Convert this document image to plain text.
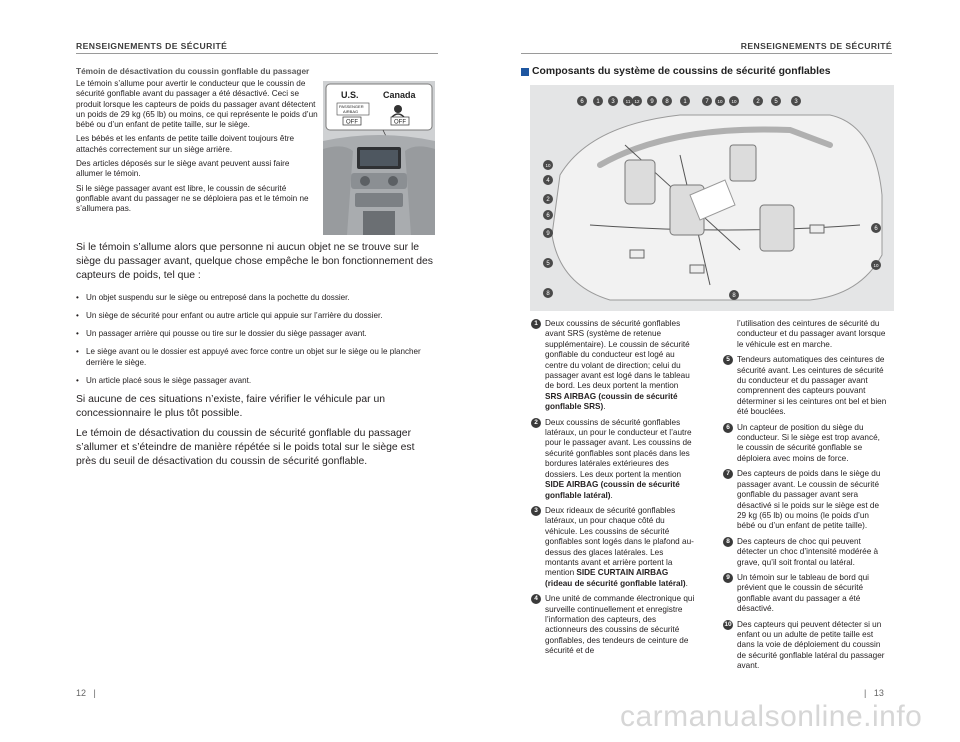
RENSEIGNEMENTS DE SÉCURITÉ	RENSEIGNEMENTS DE SÉCURITÉ
Témoin de désactivation du coussin gonflable du passager

Le témoin s’allume pour avertir le conducteur que le coussin de sécurité gonflable avant du passager a été désactivé. Ceci se produit lorsque les capteurs de poids du passager avant détectent un poids de 29 kg (65 lb) ou moins, ce qui représente le poids d’un bébé ou d’un enfant de petite taille, sur le siège.

Les bébés et les enfants de petite taille doivent toujours être attachés correctement sur un siège arrière.

Des articles déposés sur le siège avant peuvent aussi faire allumer le témoin.

Si le siège passager avant est libre, le coussin de sécurité gonflable avant du passager ne se déploiera pas et le témoin ne s’allumera pas.

U.S.	Canada
PASSENGER
AIRBAG
OFF	OFF

Si le témoin s’allume alors que personne ni aucun objet ne se trouve sur le siège du passager avant, quelque chose empêche le bon fonctionnement des capteurs de poids, tel que :

• Un objet suspendu sur le siège ou entreposé dans la pochette du dossier.
• Un siège de sécurité pour enfant ou autre article qui appuie sur l’arrière du dossier.
• Un passager arrière qui pousse ou tire sur le dossier du siège passager avant.
• Le siège avant ou le dossier est appuyé avec force contre un objet sur le siège ou le plancher derrière le siège.
• Un article placé sous le siège passager avant.

Si aucune de ces situations n’existe, faire vérifier le véhicule par un concessionnaire le plus tôt possible.

Le témoin de désactivation du coussin de sécurité gonflable du passager s’allumer et s’éteindre de manière répétée si le poids total sur le siège est près du seuil de désactivation du coussin de sécurité gonflable.

12   |
Composants du système de coussins de sécurité gonflables
6 1 3 11 12 9 8 1	7 10 10	2 5	3
10
4
2
6
9
5
8
6
10
8
1 Deux coussins de sécurité gonflables avant SRS (système de retenue supplémentaire). Le coussin de sécurité gonflable du conducteur est logé au centre du volant de direction; celui du passager avant est logé dans le tableau de bord. Les deux portent la mention SRS AIRBAG (coussin de sécurité gonflable SRS).
2 Deux coussins de sécurité gonflables latéraux, un pour le conducteur et l’autre pour le passager avant. Les coussins de sécurité gonflables sont placés dans les bordures latérales extérieures des dossiers. Les deux portent la mention SIDE AIRBAG (coussin de sécurité gonflable latéral).
3 Deux rideaux de sécurité gonflables latéraux, un pour chaque côté du véhicule. Les coussins de sécurité gonflables sont logés dans le plafond au-dessus des glaces latérales. Les montants avant et arrière portent la mention SIDE CURTAIN AIRBAG (rideau de sécurité gonflable latéral).
4 Une unité de commande électronique qui surveille continuellement et enregistre l’information des capteurs, des actionneurs des coussins de sécurité gonflables, des tendeurs de ceinture de sécurité et de
l’utilisation des ceintures de sécurité du conducteur et du passager avant lorsque le véhicule est en marche.
5 Tendeurs automatiques des ceintures de sécurité avant. Les ceintures de sécurité du conducteur et du passager avant comprennent des capteurs pouvant déterminer si les ceintures ont bel et bien été bouclées.
6 Un capteur de position du siège du conducteur. Si le siège est trop avancé, le coussin de sécurité gonflable se déploiera avec moins de force.
7 Des capteurs de poids dans le siège du passager avant. Le coussin de sécurité gonflable du passager avant sera désactivé si le poids sur le siège est de 29 kg (65 lb) ou moins (le poids d’un bébé ou d’un enfant de petite taille).
8 Des capteurs de choc qui peuvent détecter un choc d’intensité modérée à grave, qu’il soit frontal ou latéral.
9 Un témoin sur le tableau de bord qui prévient que le coussin de sécurité gonflable avant du passager a été désactivé.
10 Des capteurs qui peuvent détecter si un enfant ou un adulte de petite taille est dans la voie de déploiement du coussin de sécurité gonflable latéral du passager avant.
|   13
carmanualsonline.info
